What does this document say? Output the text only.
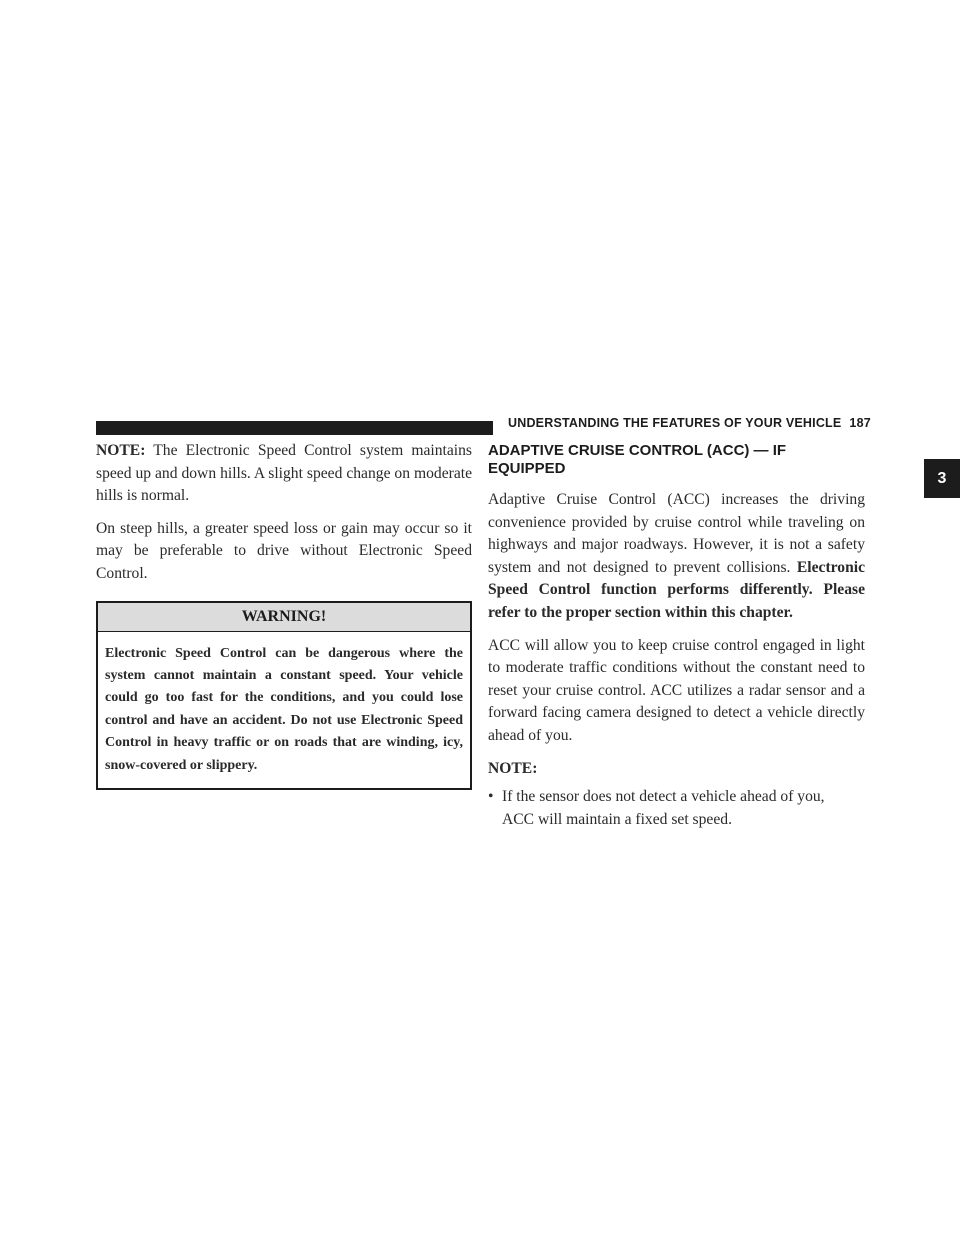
UNDERSTANDING THE FEATURES OF YOUR VEHICLE 187
3

NOTE: The Electronic Speed Control system maintains speed up and down hills. A slight speed change on moderate hills is normal.

On steep hills, a greater speed loss or gain may occur so it may be preferable to drive without Electronic Speed Control.

WARNING!
Electronic Speed Control can be dangerous where the system cannot maintain a constant speed. Your vehicle could go too fast for the conditions, and you could lose control and have an accident. Do not use Electronic Speed Control in heavy traffic or on roads that are winding, icy, snow-covered or slippery.
ADAPTIVE CRUISE CONTROL (ACC) — IF
EQUIPPED

Adaptive Cruise Control (ACC) increases the driving convenience provided by cruise control while traveling on highways and major roadways. However, it is not a safety system and not designed to prevent collisions. Electronic Speed Control function performs differently. Please refer to the proper section within this chapter.

ACC will allow you to keep cruise control engaged in light to moderate traffic conditions without the constant need to reset your cruise control. ACC utilizes a radar sensor and a forward facing camera designed to detect a vehicle directly ahead of you.

NOTE:

• If the sensor does not detect a vehicle ahead of you,
ACC will maintain a fixed set speed.
